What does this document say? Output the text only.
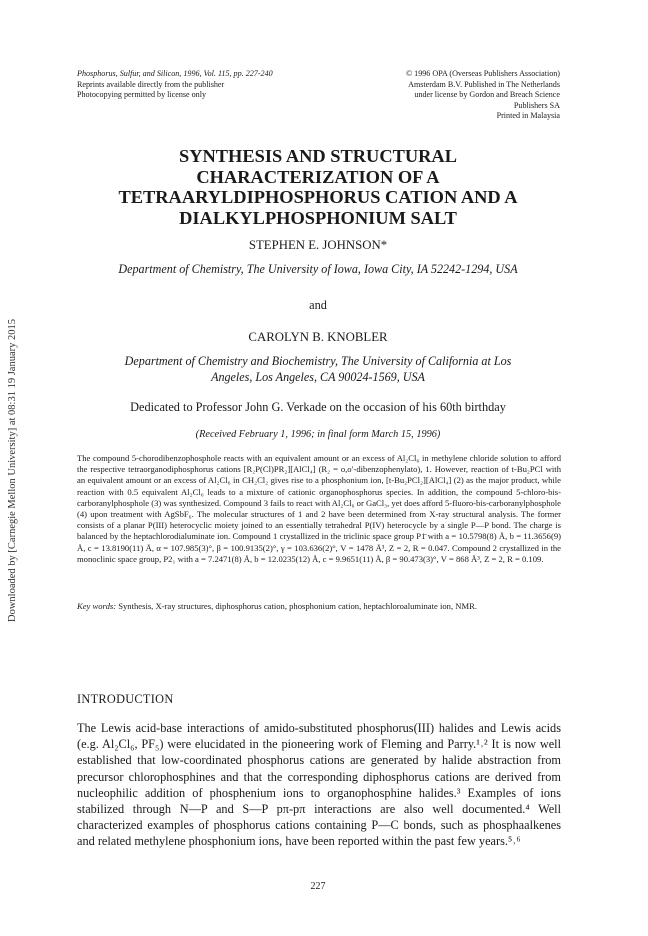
Downloaded by [Carnegie Mellon University] at 08:31 19 January 2015
Phosphorus, Sulfur, and Silicon, 1996, Vol. 115, pp. 227-240
Reprints available directly from the publisher
Photocopying permitted by license only
© 1996 OPA (Overseas Publishers Association)
Amsterdam B.V. Published in The Netherlands
under license by Gordon and Breach Science
Publishers SA
Printed in Malaysia
SYNTHESIS AND STRUCTURAL
CHARACTERIZATION OF A
TETRAARYLDIPHOSPHORUS CATION AND A
DIALKYLPHOSPHONIUM SALT
STEPHEN E. JOHNSON*
Department of Chemistry, The University of Iowa, Iowa City, IA 52242-1294, USA
and
CAROLYN B. KNOBLER
Department of Chemistry and Biochemistry, The University of California at Los
Angeles, Los Angeles, CA 90024-1569, USA
Dedicated to Professor John G. Verkade on the occasion of his 60th birthday
(Received February 1, 1996; in final form March 15, 1996)
The compound 5-chorodibenzophosphole reacts with an equivalent amount or an excess of Al₂Cl₆ in methylene chloride solution to afford the respective tetraorganodiphosphorus cations [R₂P(Cl)PR₂][AlCl₄] (R₂ = o,o′-dibenzophenylato), 1. However, reaction of t-Bu₂PCl with an equivalent amount or an excess of Al₂Cl₆ in CH₂Cl₂ gives rise to a phosphonium ion, [t-Bu₂PCl₂][AlCl₄] (2) as the major product, while reaction with 0.5 equivalent Al₂Cl₆ leads to a mixture of cationic organophosphorus species. In addition, the compound 5-chloro-bis-carboranylphosphole (3) was synthesized. Compound 3 fails to react with Al₂Cl₆ or GaCl₃, yet does afford 5-fluoro-bis-carboranylphosphole (4) upon treatment with AgSbF₆. The molecular structures of 1 and 2 have been determined from X-ray structural analysis. The former consists of a planar P(III) heterocyclic moiety joined to an essentially tetrahedral P(IV) heterocycle by a single P—P bond. The charge is balanced by the heptachlorodialuminate ion. Compound 1 crystallized in the triclinic space group P1̄ with a = 10.5798(8) Å, b = 11.3656(9) Å, c = 13.8190(11) Å, α = 107.985(3)°, β = 100.9135(2)°, γ = 103.636(2)°, V = 1478 Å³, Z = 2, R = 0.047. Compound 2 crystallized in the monoclinic space group, P2₁ with a = 7.2471(8) Å, b = 12.0235(12) Å, c = 9.9651(11) Å, β = 90.473(3)°, V = 868 Å³, Z = 2, R = 0.109.
Key words: Synthesis, X-ray structures, diphosphorus cation, phosphonium cation, heptachloroaluminate ion, NMR.
INTRODUCTION
The Lewis acid-base interactions of amido-substituted phosphorus(III) halides and Lewis acids (e.g. Al₂Cl₆, PF₅) were elucidated in the pioneering work of Fleming and Parry.¹˒² It is now well established that low-coordinated phosphorus cations are generated by halide abstraction from precursor chlorophosphines and that the corresponding diphosphorus cations are derived from nucleophilic addition of phosphenium ions to organophosphine halides.³ Examples of ions stabilized through N—P and S—P pπ-pπ interactions are also well documented.⁴ Well characterized examples of phosphorus cations containing P—C bonds, such as phosphaalkenes and related methylene phosphonium ions, have been reported within the past few years.⁵˒⁶
227
